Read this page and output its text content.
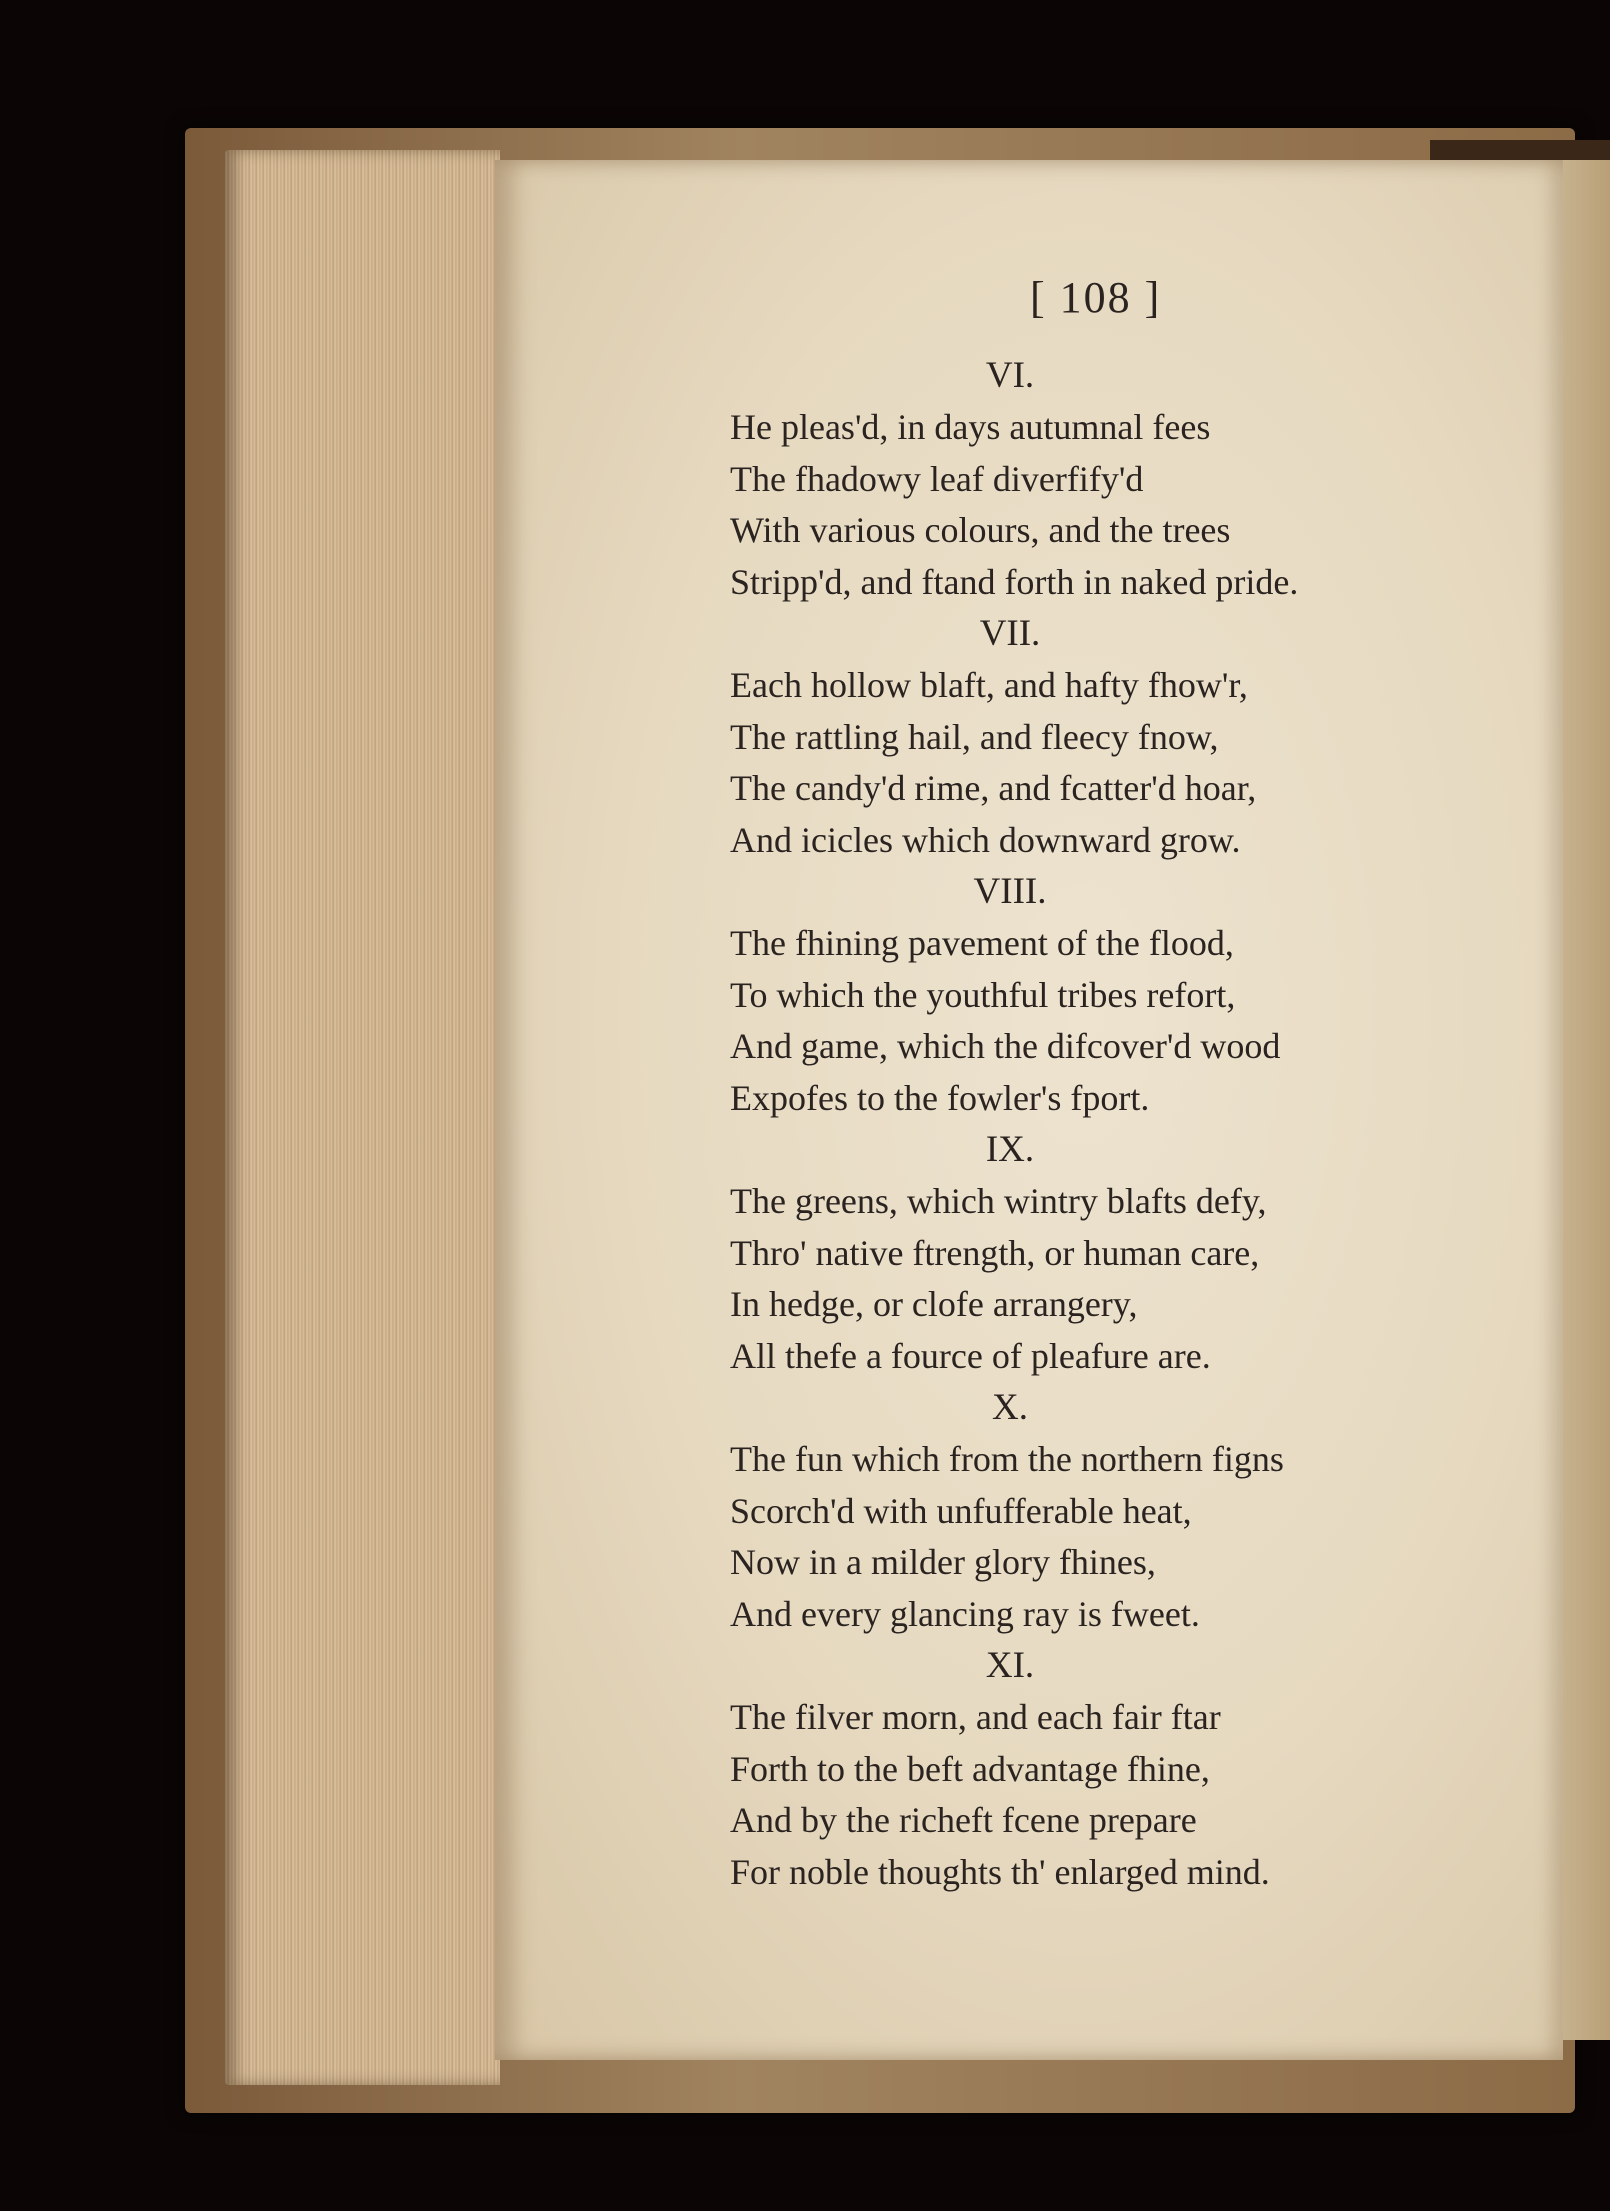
[ 108 ]
VI.
He pleas'd, in days autumnal fees
The fhadowy leaf diverfify'd
With various colours, and the trees
Stripp'd, and ftand forth in naked pride.
VII.
Each hollow blaft, and hafty fhow'r,
The rattling hail, and fleecy fnow,
The candy'd rime, and fcatter'd hoar,
And icicles which downward grow.
VIII.
The fhining pavement of the flood,
To which the youthful tribes refort,
And game, which the difcover'd wood
Expofes to the fowler's fport.
IX.
The greens, which wintry blafts defy,
Thro' native ftrength, or human care,
In hedge, or clofe arrangery,
All thefe a fource of pleafure are.
X.
The fun which from the northern figns
Scorch'd with unfufferable heat,
Now in a milder glory fhines,
And every glancing ray is fweet.
XI.
The filver morn, and each fair ftar
Forth to the beft advantage fhine,
And by the richeft fcene prepare
For noble thoughts th' enlarged mind.
